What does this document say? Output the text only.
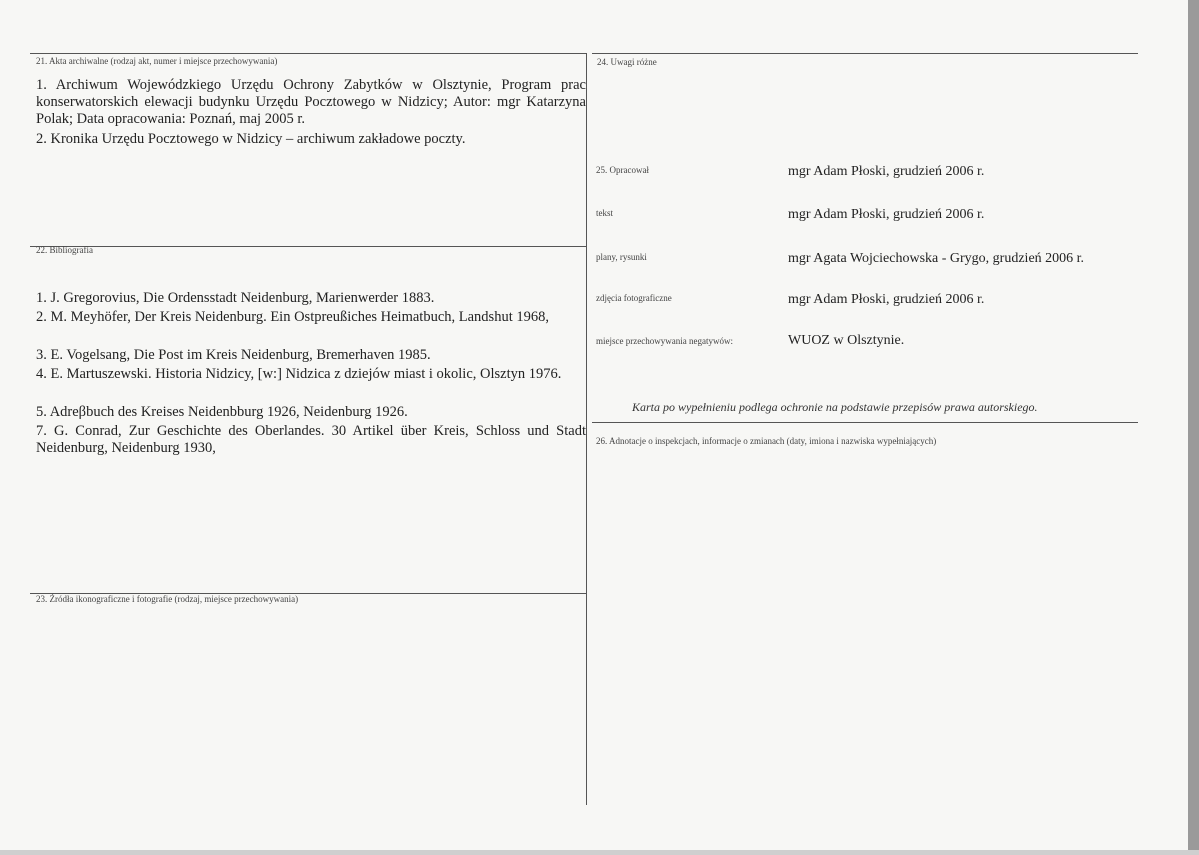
21. Akta archiwalne (rodzaj akt, numer i miejsce przechowywania)
1. Archiwum Wojewódzkiego Urzędu Ochrony Zabytków w Olsztynie, Program prac konserwatorskich elewacji budynku Urzędu Pocztowego w Nidzicy; Autor: mgr Katarzyna Polak; Data opracowania: Poznań, maj 2005 r.
2. Kronika Urzędu Pocztowego w Nidzicy – archiwum zakładowe poczty.
22. Bibliografia
1. J. Gregorovius, Die Ordensstadt Neidenburg, Marienwerder 1883.
2. M. Meyhöfer, Der Kreis Neidenburg. Ein Ostpreußiches Heimatbuch, Landshut 1968,
3. E. Vogelsang, Die Post im Kreis Neidenburg, Bremerhaven 1985.
4. E. Martuszewski. Historia Nidzicy, [w:] Nidzica z dziejów miast i okolic, Olsztyn 1976.
5. Adreβbuch des Kreises Neidenbburg 1926, Neidenburg 1926.
7. G. Conrad, Zur Geschichte des Oberlandes. 30 Artikel über Kreis, Schloss und Stadt Neidenburg, Neidenburg 1930,
23. Źródła ikonograficzne i fotografie (rodzaj, miejsce przechowywania)
24. Uwagi różne
25. Opracował	mgr Adam Płoski, grudzień 2006 r.
tekst	mgr Adam Płoski, grudzień 2006 r.
plany, rysunki	mgr Agata Wojciechowska - Grygo, grudzień 2006 r.
zdjęcia fotograficzne	mgr Adam Płoski, grudzień 2006 r.
miejsce przechowywania negatywów:	WUOZ w Olsztynie.
Karta po wypełnieniu podlega ochronie na podstawie przepisów prawa autorskiego.
26. Adnotacje o inspekcjach, informacje o zmianach (daty, imiona i nazwiska wypełniających)
